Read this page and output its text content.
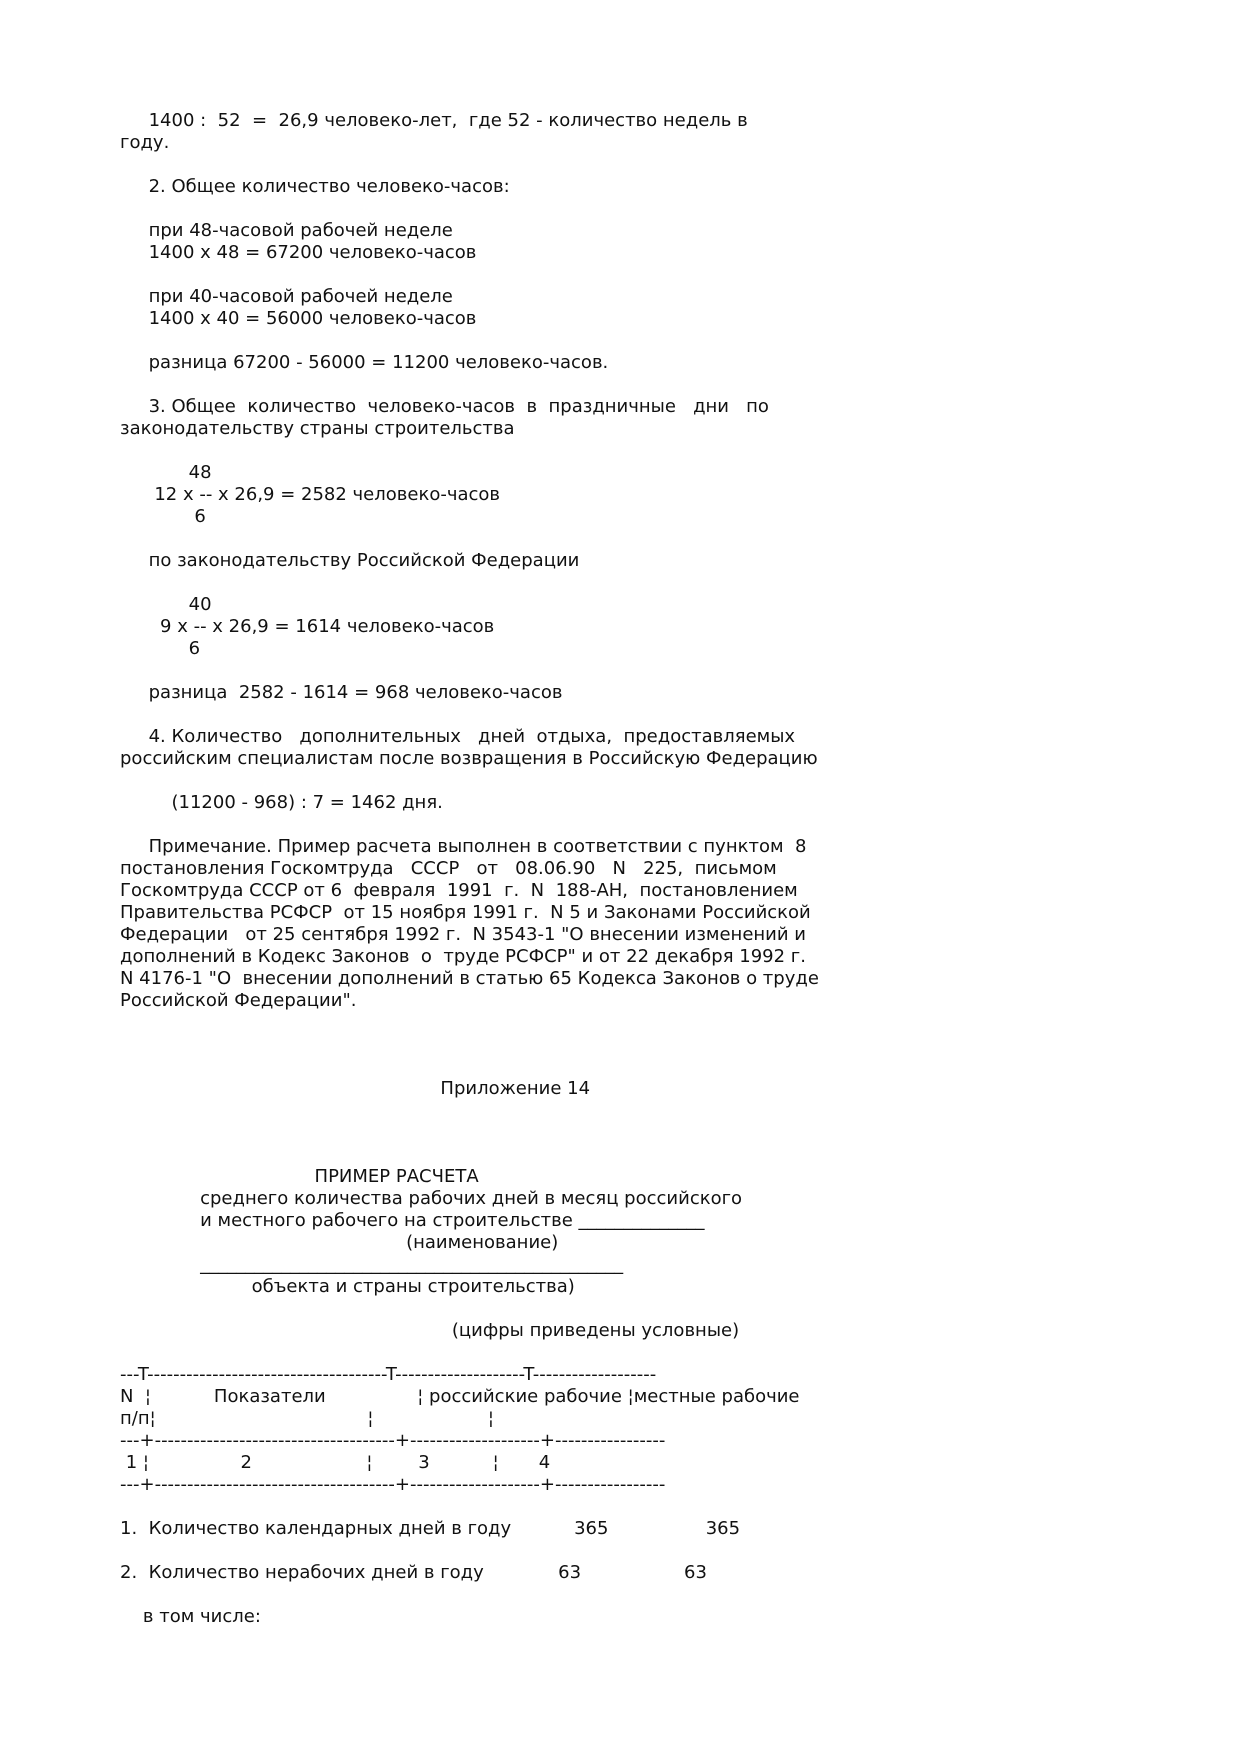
1400 :  52  =  26,9 человеко-лет,  где 52 - количество недель в
году.
2. Общее количество человеко-часов:
при 48-часовой рабочей неделе
1400 x 48 = 67200 человеко-часов
при 40-часовой рабочей неделе
1400 x 40 = 56000 человеко-часов
разница 67200 - 56000 = 11200 человеко-часов.
3. Общее  количество  человеко-часов  в  праздничные   дни   по
законодательству страны строительства
48
12 x -- x 26,9 = 2582 человеко-часов
6
по законодательству Российской Федерации
40
9 x -- x 26,9 = 1614 человеко-часов
6
разница  2582 - 1614 = 968 человеко-часов
4. Количество   дополнительных   дней  отдыха,  предоставляемых
российским специалистам после возвращения в Российскую Федерацию
(11200 - 968) : 7 = 1462 дня.
Примечание. Пример расчета выполнен в соответствии с пунктом  8
постановления Госкомтруда   СССР   от   08.06.90   N   225,  письмом
Госкомтруда СССР от 6  февраля  1991  г.  N  188-АН,  постановлением
Правительства РСФСР  от 15 ноября 1991 г.  N 5 и Законами Российской
Федерации   от 25 сентября 1992 г.  N 3543-1 "О внесении изменений и
дополнений в Кодекс Законов  о  труде РСФСР" и от 22 декабря 1992 г.
N 4176-1 "О  внесении дополнений в статью 65 Кодекса Законов о труде
Российской Федерации".
Приложение 14
ПРИМЕР РАСЧЕТА
среднего количества рабочих дней в месяц российского
и местного рабочего на строительстве ______________
(наименование)
_______________________________________________
объекта и страны строительства)
(цифры приведены условные)
---T-------------------------------------T--------------------T-------------------
N  ¦           Показатели                ¦ российские рабочие ¦местные рабочие
п/п¦                                     ¦                    ¦
---+-------------------------------------+--------------------+-----------------
1 ¦                2                    ¦        3           ¦       4
---+-------------------------------------+--------------------+-----------------
1.  Количество календарных дней в году           365                 365
2.  Количество нерабочих дней в году             63                  63
в том числе:
